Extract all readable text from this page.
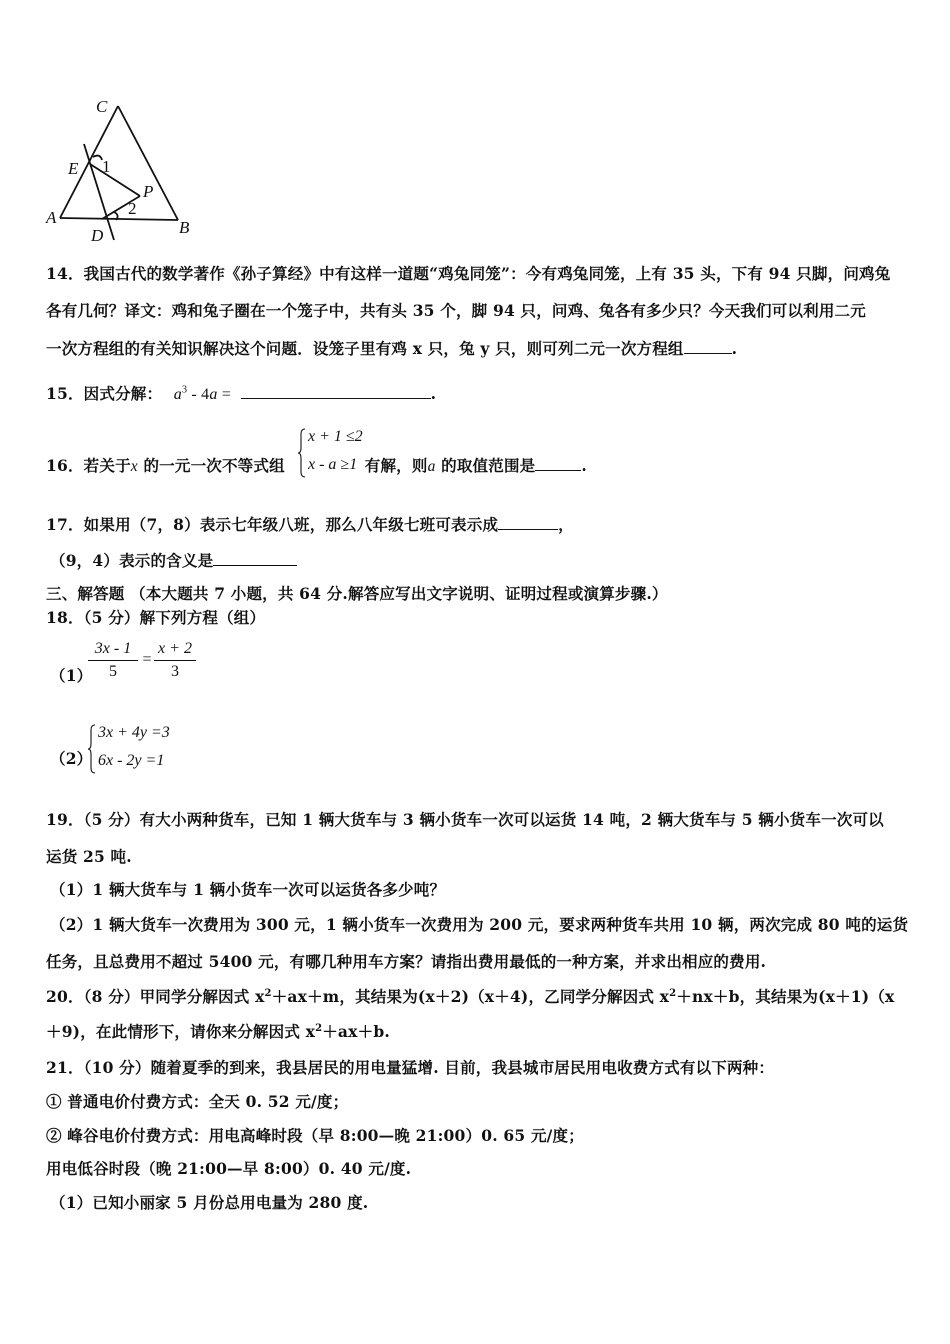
C
E 1
P
2
A
D	B
14．我国古代的数学著作《孙子算经》中有这样一道题“鸡兔同笼”：今有鸡兔同笼，上有 35 头，下有 94 只脚，问鸡兔
各有几何？译文：鸡和兔子圈在一个笼子中，共有头 35 个，脚 94 只，问鸡、兔各有多少只？今天我们可以利用二元
一次方程组的有关知识解决这个问题．设笼子里有鸡 x 只，兔 y 只，则可列二元一次方程组	.
15．因式分解： $a^3 - 4a$ =	.
16．若关于x 的一元一次不等式组	有解，则a 的取值范围是	.
x + 1 ≤2
x - a ≥1
17．如果用（7，8）表示七年级八班，那么八年级七班可表示成	，
（9，4）表示的含义是
三、解答题 （本大题共 7 小题，共 64 分.解答应写出文字说明、证明过程或演算步骤.）
18．（5 分）解下列方程（组）
（1）
3x - 1
5
=
x + 2
3
（2）
3x + 4y =3
6x - 2y =1
19．（5 分）有大小两种货车，已知 1 辆大货车与 3 辆小货车一次可以运货 14 吨，2 辆大货车与 5 辆小货车一次可以
运货 25 吨.
（1）1 辆大货车与 1 辆小货车一次可以运货各多少吨？
（2）1 辆大货车一次费用为 300 元，1 辆小货车一次费用为 200 元，要求两种货车共用 10 辆，两次完成 80 吨的运货
任务，且总费用不超过 5400 元，有哪几种用车方案？请指出费用最低的一种方案，并求出相应的费用.
20．（8 分）甲同学分解因式 $x^2+ax+m$，其结果为(x＋2)（x＋4)，乙同学分解因式 $x^2+nx+b$，其结果为(x＋1)（x
＋9)，在此情形下，请你来分解因式 $x^2+ax+b$.
21．（10 分）随着夏季的到来，我县居民的用电量猛增. 目前，我县城市居民用电收费方式有以下两种：
① 普通电价付费方式：全天 0. 52 元/度；
② 峰谷电价付费方式：用电高峰时段（早 8:00—晚 21:00）0. 65 元/度；
用电低谷时段（晚 21:00—早 8:00）0. 40 元/度.
（1）已知小丽家 5 月份总用电量为 280 度.
